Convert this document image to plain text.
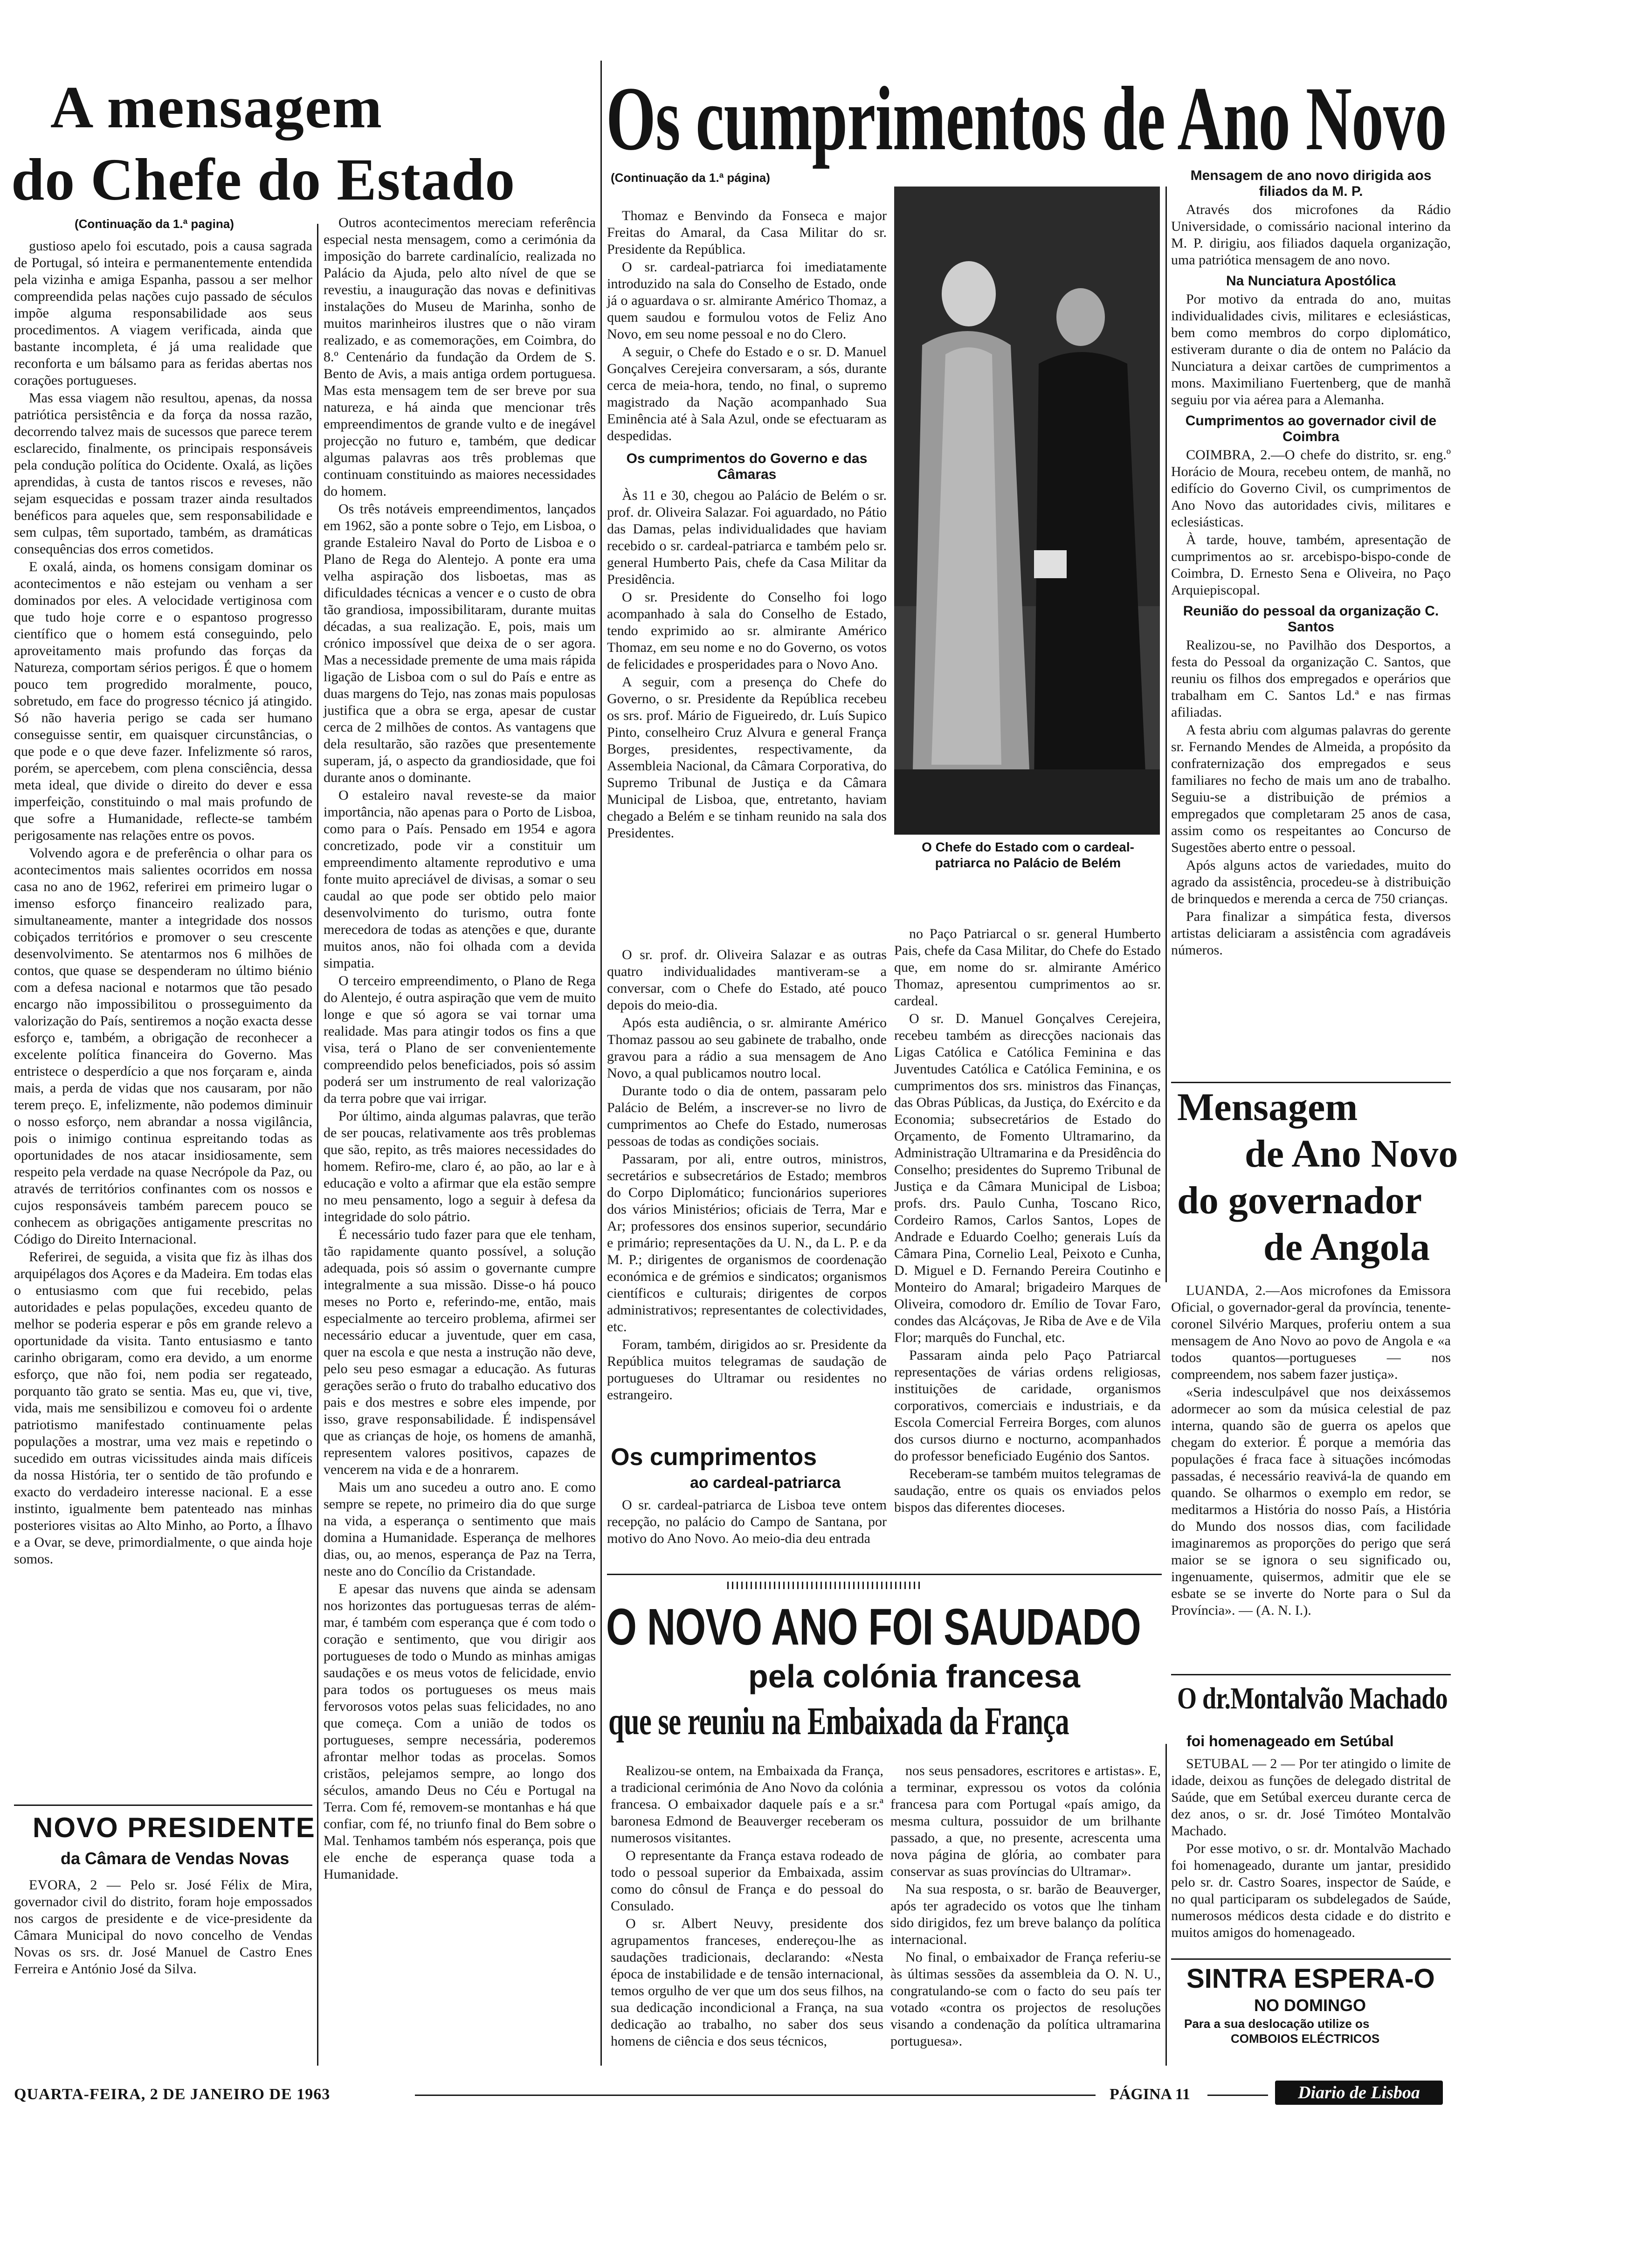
A mensagem
do Chefe do Estado
(Continuação da 1.ª pagina)
Os cumprimentos de Ano Novo
(Continuação da 1.ª página)

gustioso apelo foi escutado, pois a causa sagrada de Portugal, só inteira e permanentemente entendida pela vizinha e amiga Espanha, passou a ser melhor compreendida pelas nações cujo passado de séculos impõe alguma responsabilidade aos seus procedimentos. A viagem verificada, ainda que bastante incompleta, é já uma realidade que reconforta e um bálsamo para as feridas abertas nos corações portugueses.

Mas essa viagem não resultou, apenas, da nossa patriótica persistência e da força da nossa razão, decorrendo talvez mais de sucessos que parece terem esclarecido, finalmente, os principais responsáveis pela condução política do Ocidente. Oxalá, as lições aprendidas, à custa de tantos riscos e reveses, não sejam esquecidas e possam trazer ainda resultados benéficos para aqueles que, sem responsabilidade e sem culpas, têm suportado, também, as dramáticas consequências dos erros cometidos.

E oxalá, ainda, os homens consigam dominar os acontecimentos e não estejam ou venham a ser dominados por eles. A velocidade vertiginosa com que tudo hoje corre e o espantoso progresso científico que o homem está conseguindo, pelo aproveitamento mais profundo das forças da Natureza, comportam sérios perigos. É que o homem pouco tem progredido moralmente, pouco, sobretudo, em face do progresso técnico já atingido. Só não haveria perigo se cada ser humano conseguisse sentir, em quaisquer circunstâncias, o que pode e o que deve fazer. Infelizmente só raros, porém, se apercebem, com plena consciência, dessa meta ideal, que divide o direito do dever e essa imperfeição, constituindo o mal mais profundo de que sofre a Humanidade, reflecte-se também perigosamente nas relações entre os povos.

Volvendo agora e de preferência o olhar para os acontecimentos mais salientes ocorridos em nossa casa no ano de 1962, referirei em primeiro lugar o imenso esforço financeiro realizado para, simultaneamente, manter a integridade dos nossos cobiçados territórios e promover o seu crescente desenvolvimento. Se atentarmos nos 6 milhões de contos, que quase se despenderam no último biénio com a defesa nacional e notarmos que tão pesado encargo não impossibilitou o prosseguimento da valorização do País, sentiremos a noção exacta desse esforço e, também, a obrigação de reconhecer a excelente política financeira do Governo. Mas entristece o desperdício a que nos forçaram e, ainda mais, a perda de vidas que nos causaram, por não terem preço. E, infelizmente, não podemos diminuir o nosso esforço, nem abrandar a nossa vigilância, pois o inimigo continua espreitando todas as oportunidades de nos atacar insidiosamente, sem respeito pela verdade na quase Necrópole da Paz, ou através de territórios confinantes com os nossos e cujos responsáveis também parecem pouco se conhecem as obrigações antigamente prescritas no Código do Direito Internacional.

Referirei, de seguida, a visita que fiz às ilhas dos arquipélagos dos Açores e da Madeira. Em todas elas o entusiasmo com que fui recebido, pelas autoridades e pelas populações, excedeu quanto de melhor se poderia esperar e pôs em grande relevo a oportunidade da visita. Tanto entusiasmo e tanto carinho obrigaram, como era devido, a um enorme esforço, que não foi, nem podia ser regateado, porquanto tão grato se sentia. Mas eu, que vi, tive, vida, mais me sensibilizou e comoveu foi o ardente patriotismo manifestado continuamente pelas populações a mostrar, uma vez mais e repetindo o sucedido em outras vicissitudes ainda mais difíceis da nossa História, ter o sentido de tão profundo e exacto do verdadeiro interesse nacional. E a esse instinto, igualmente bem patenteado nas minhas posteriores visitas ao Alto Minho, ao Porto, a Ílhavo e a Ovar, se deve, primordialmente, o que ainda hoje somos.

NOVO PRESIDENTE
da Câmara de Vendas Novas

EVORA, 2 — Pelo sr. José Félix de Mira, governador civil do distrito, foram hoje empossados nos cargos de presidente e de vice-presidente da Câmara Municipal do novo concelho de Vendas Novas os srs. dr. José Manuel de Castro Enes Ferreira e António José da Silva.

Outros acontecimentos mereciam referência especial nesta mensagem, como a cerimónia da imposição do barrete cardinalício, realizada no Palácio da Ajuda, pelo alto nível de que se revestiu, a inauguração das novas e definitivas instalações do Museu de Marinha, sonho de muitos marinheiros ilustres que o não viram realizado, e as comemorações, em Coimbra, do 8.º Centenário da fundação da Ordem de S. Bento de Avis, a mais antiga ordem portuguesa. Mas esta mensagem tem de ser breve por sua natureza, e há ainda que mencionar três empreendimentos de grande vulto e de inegável projecção no futuro e, também, que dedicar algumas palavras aos três problemas que continuam constituindo as maiores necessidades do homem.

Os três notáveis empreendimentos, lançados em 1962, são a ponte sobre o Tejo, em Lisboa, o grande Estaleiro Naval do Porto de Lisboa e o Plano de Rega do Alentejo. A ponte era uma velha aspiração dos lisboetas, mas as dificuldades técnicas a vencer e o custo de obra tão grandiosa, impossibilitaram, durante muitas décadas, a sua realização. E, pois, mais um crónico impossível que deixa de o ser agora. Mas a necessidade premente de uma mais rápida ligação de Lisboa com o sul do País e entre as duas margens do Tejo, nas zonas mais populosas justifica que a obra se erga, apesar de custar cerca de 2 milhões de contos. As vantagens que dela resultarão, são razões que presentemente superam, já, o aspecto da grandiosidade, que foi durante anos o dominante.

O estaleiro naval reveste-se da maior importância, não apenas para o Porto de Lisboa, como para o País. Pensado em 1954 e agora concretizado, pode vir a constituir um empreendimento altamente reprodutivo e uma fonte muito apreciável de divisas, a somar o seu caudal ao que pode ser obtido pelo maior desenvolvimento do turismo, outra fonte merecedora de todas as atenções e que, durante muitos anos, não foi olhada com a devida simpatia.

O terceiro empreendimento, o Plano de Rega do Alentejo, é outra aspiração que vem de muito longe e que só agora se vai tornar uma realidade. Mas para atingir todos os fins a que visa, terá o Plano de ser convenientemente compreendido pelos beneficiados, pois só assim poderá ser um instrumento de real valorização da terra pobre que vai irrigar.

Por último, ainda algumas palavras, que terão de ser poucas, relativamente aos três problemas que são, repito, as três maiores necessidades do homem. Refiro-me, claro é, ao pão, ao lar e à educação e volto a afirmar que ela estão sempre no meu pensamento, logo a seguir à defesa da integridade do solo pátrio.

É necessário tudo fazer para que ele tenham, tão rapidamente quanto possível, a solução adequada, pois só assim o governante cumpre integralmente a sua missão. Disse-o há pouco meses no Porto e, referindo-me, então, mais especialmente ao terceiro problema, afirmei ser necessário educar a juventude, quer em casa, quer na escola e que nesta a instrução não deve, pelo seu peso esmagar a educação. As futuras gerações serão o fruto do trabalho educativo dos pais e dos mestres e sobre eles impende, por isso, grave responsabilidade. É indispensável que as crianças de hoje, os homens de amanhã, representem valores positivos, capazes de vencerem na vida e de a honrarem.

Mais um ano sucedeu a outro ano. E como sempre se repete, no primeiro dia do que surge na vida, a esperança o sentimento que mais domina a Humanidade. Esperança de melhores dias, ou, ao menos, esperança de Paz na Terra, neste ano do Concílio da Cristandade.

E apesar das nuvens que ainda se adensam nos horizontes das portuguesas terras de além-mar, é também com esperança que é com todo o coração e sentimento, que vou dirigir aos portugueses de todo o Mundo as minhas amigas saudações e os meus votos de felicidade, envio para todos os portugueses os meus mais fervorosos votos pelas suas felicidades, no ano que começa. Com a união de todos os portugueses, sempre necessária, poderemos afrontar melhor todas as procelas. Somos cristãos, pelejamos sempre, ao longo dos séculos, amando Deus no Céu e Portugal na Terra. Com fé, removem-se montanhas e há que confiar, com fé, no triunfo final do Bem sobre o Mal. Tenhamos também nós esperança, pois que ele enche de esperança quase toda a Humanidade.

Thomaz e Benvindo da Fonseca e major Freitas do Amaral, da Casa Militar do sr. Presidente da República.

O sr. cardeal-patriarca foi imediatamente introduzido na sala do Conselho de Estado, onde já o aguardava o sr. almirante Américo Thomaz, a quem saudou e formulou votos de Feliz Ano Novo, em seu nome pessoal e no do Clero.

A seguir, o Chefe do Estado e o sr. D. Manuel Gonçalves Cerejeira conversaram, a sós, durante cerca de meia-hora, tendo, no final, o supremo magistrado da Nação acompanhado Sua Eminência até à Sala Azul, onde se efectuaram as despedidas.

Os cumprimentos do Governo e das Câmaras

Às 11 e 30, chegou ao Palácio de Belém o sr. prof. dr. Oliveira Salazar. Foi aguardado, no Pátio das Damas, pelas individualidades que haviam recebido o sr. cardeal-patriarca e também pelo sr. general Humberto Pais, chefe da Casa Militar da Presidência.

O sr. Presidente do Conselho foi logo acompanhado à sala do Conselho de Estado, tendo exprimido ao sr. almirante Américo Thomaz, em seu nome e no do Governo, os votos de felicidades e prosperidades para o Novo Ano.

A seguir, com a presença do Chefe do Governo, o sr. Presidente da República recebeu os srs. prof. Mário de Figueiredo, dr. Luís Supico Pinto, conselheiro Cruz Alvura e general França Borges, presidentes, respectivamente, da Assembleia Nacional, da Câmara Corporativa, do Supremo Tribunal de Justiça e da Câmara Municipal de Lisboa, que, entretanto, haviam chegado a Belém e se tinham reunido na sala dos Presidentes.

O sr. prof. dr. Oliveira Salazar e as outras quatro individualidades mantiveram-se a conversar, com o Chefe do Estado, até pouco depois do meio-dia.

Após esta audiência, o sr. almirante Américo Thomaz passou ao seu gabinete de trabalho, onde gravou para a rádio a sua mensagem de Ano Novo, a qual publicamos noutro local.

Durante todo o dia de ontem, passaram pelo Palácio de Belém, a inscrever-se no livro de cumprimentos ao Chefe do Estado, numerosas pessoas de todas as condições sociais.

Passaram, por ali, entre outros, ministros, secretários e subsecretários de Estado; membros do Corpo Diplomático; funcionários superiores dos vários Ministérios; oficiais de Terra, Mar e Ar; professores dos ensinos superior, secundário e primário; representações da U. N., da L. P. e da M. P.; dirigentes de organismos de coordenação económica e de grémios e sindicatos; organismos científicos e culturais; dirigentes de corpos administrativos; representantes de colectividades, etc.

Foram, também, dirigidos ao sr. Presidente da República muitos telegramas de saudação de portugueses do Ultramar ou residentes no estrangeiro.

Os cumprimentos
ao cardeal-patriarca

O sr. cardeal-patriarca de Lisboa teve ontem recepção, no palácio do Campo de Santana, por motivo do Ano Novo. Ao meio-dia deu entrada

O Chefe do Estado com o cardeal-patriarca no Palácio de Belém

no Paço Patriarcal o sr. general Humberto Pais, chefe da Casa Militar, do Chefe do Estado que, em nome do sr. almirante Américo Thomaz, apresentou cumprimentos ao sr. cardeal.

O sr. D. Manuel Gonçalves Cerejeira, recebeu também as direcções nacionais das Ligas Católica e Católica Feminina e das Juventudes Católica e Católica Feminina, e os cumprimentos dos srs. ministros das Finanças, das Obras Públicas, da Justiça, do Exército e da Economia; subsecretários de Estado do Orçamento, de Fomento Ultramarino, da Administração Ultramarina e da Presidência do Conselho; presidentes do Supremo Tribunal de Justiça e da Câmara Municipal de Lisboa; profs. drs. Paulo Cunha, Toscano Rico, Cordeiro Ramos, Carlos Santos, Lopes de Andrade e Eduardo Coelho; generais Luís da Câmara Pina, Cornelio Leal, Peixoto e Cunha, D. Miguel e D. Fernando Pereira Coutinho e Monteiro do Amaral; brigadeiro Marques de Oliveira, comodoro dr. Emílio de Tovar Faro, condes das Alcáçovas, Je Riba de Ave e de Vila Flor; marquês do Funchal, etc.

Passaram ainda pelo Paço Patriarcal representações de várias ordens religiosas, instituições de caridade, organismos corporativos, comerciais e industriais, e da Escola Comercial Ferreira Borges, com alunos dos cursos diurno e nocturno, acompanhados do professor beneficiado Eugénio dos Santos.

Receberam-se também muitos telegramas de saudação, entre os quais os enviados pelos bispos das diferentes dioceses.

Mensagem de ano novo dirigida aos filiados da M. P.

Através dos microfones da Rádio Universidade, o comissário nacional interino da M. P. dirigiu, aos filiados daquela organização, uma patriótica mensagem de ano novo.

Na Nunciatura Apostólica

Por motivo da entrada do ano, muitas individualidades civis, militares e eclesiásticas, bem como membros do corpo diplomático, estiveram durante o dia de ontem no Palácio da Nunciatura a deixar cartões de cumprimentos a mons. Maximiliano Fuertenberg, que de manhã seguiu por via aérea para a Alemanha.

Cumprimentos ao governador civil de Coimbra

COIMBRA, 2.—O chefe do distrito, sr. eng.º Horácio de Moura, recebeu ontem, de manhã, no edifício do Governo Civil, os cumprimentos de Ano Novo das autoridades civis, militares e eclesiásticas.

À tarde, houve, também, apresentação de cumprimentos ao sr. arcebispo-bispo-conde de Coimbra, D. Ernesto Sena e Oliveira, no Paço Arquiepiscopal.

Reunião do pessoal da organização C. Santos

Realizou-se, no Pavilhão dos Desportos, a festa do Pessoal da organização C. Santos, que reuniu os filhos dos empregados e operários que trabalham em C. Santos Ld.ª e nas firmas afiliadas.

A festa abriu com algumas palavras do gerente sr. Fernando Mendes de Almeida, a propósito da confraternização dos empregados e seus familiares no fecho de mais um ano de trabalho. Seguiu-se a distribuição de prémios a empregados que completaram 25 anos de casa, assim como os respeitantes ao Concurso de Sugestões aberto entre o pessoal.

Após alguns actos de variedades, muito do agrado da assistência, procedeu-se à distribuição de brinquedos e merenda a cerca de 750 crianças.

Para finalizar a simpática festa, diversos artistas deliciaram a assistência com agradáveis números.

Mensagem
de Ano Novo
do governador
de Angola

LUANDA, 2.—Aos microfones da Emissora Oficial, o governador-geral da província, tenente-coronel Silvério Marques, proferiu ontem a sua mensagem de Ano Novo ao povo de Angola e «a todos quantos—portugueses — nos compreendem, nos sabem fazer justiça».

«Seria indesculpável que nos deixássemos adormecer ao som da música celestial de paz interna, quando são de guerra os apelos que chegam do exterior. É porque a memória das populações é fraca face à situações incómodas passadas, é necessário reavivá-la de quando em quando. Se olharmos o exemplo em redor, se meditarmos a História do nosso País, a História do Mundo dos nossos dias, com facilidade imaginaremos as proporções do perigo que será maior se se ignora o seu significado ou, ingenuamente, quisermos, admitir que ele se esbate se se inverte do Norte para o Sul da Província». — (A. N. I.).

O dr.Montalvão Machado
foi homenageado em Setúbal

SETUBAL — 2 — Por ter atingido o limite de idade, deixou as funções de delegado distrital de Saúde, que em Setúbal exerceu durante cerca de dez anos, o sr. dr. José Timóteo Montalvão Machado.

Por esse motivo, o sr. dr. Montalvão Machado foi homenageado, durante um jantar, presidido pelo sr. dr. Castro Soares, inspector de Saúde, e no qual participaram os subdelegados de Saúde, numerosos médicos desta cidade e do distrito e muitos amigos do homenageado.

SINTRA ESPERA-O
NO DOMINGO
Para a sua deslocação utilize os
COMBOIOS ELÉCTRICOS
O NOVO ANO FOI SAUDADO
pela colónia francesa
que se reuniu na Embaixada da França

Realizou-se ontem, na Embaixada da França, a tradicional cerimónia de Ano Novo da colónia francesa. O embaixador daquele país e a sr.ª baronesa Edmond de Beauverger receberam os numerosos visitantes.

O representante da França estava rodeado de todo o pessoal superior da Embaixada, assim como do cônsul de França e do pessoal do Consulado.

O sr. Albert Neuvy, presidente dos agrupamentos franceses, endereçou-lhe as saudações tradicionais, declarando: «Nesta época de instabilidade e de tensão internacional, temos orgulho de ver que um dos seus filhos, na sua dedicação incondicional a França, na sua dedicação ao trabalho, no saber dos seus homens de ciência e dos seus técnicos,

nos seus pensadores, escritores e artistas». E, a terminar, expressou os votos da colónia francesa para com Portugal «país amigo, da mesma cultura, possuidor de um brilhante passado, a que, no presente, acrescenta uma nova página de glória, ao combater para conservar as suas províncias do Ultramar».

Na sua resposta, o sr. barão de Beauverger, após ter agradecido os votos que lhe tinham sido dirigidos, fez um breve balanço da política internacional.

No final, o embaixador de França referiu-se às últimas sessões da assembleia da O. N. U., congratulando-se com o facto do seu país ter votado «contra os projectos de resoluções visando a condenação da política ultramarina portuguesa».

QUARTA-FEIRA, 2 DE JANEIRO DE 1963	PÁGINA 11	Diario de Lisboa
